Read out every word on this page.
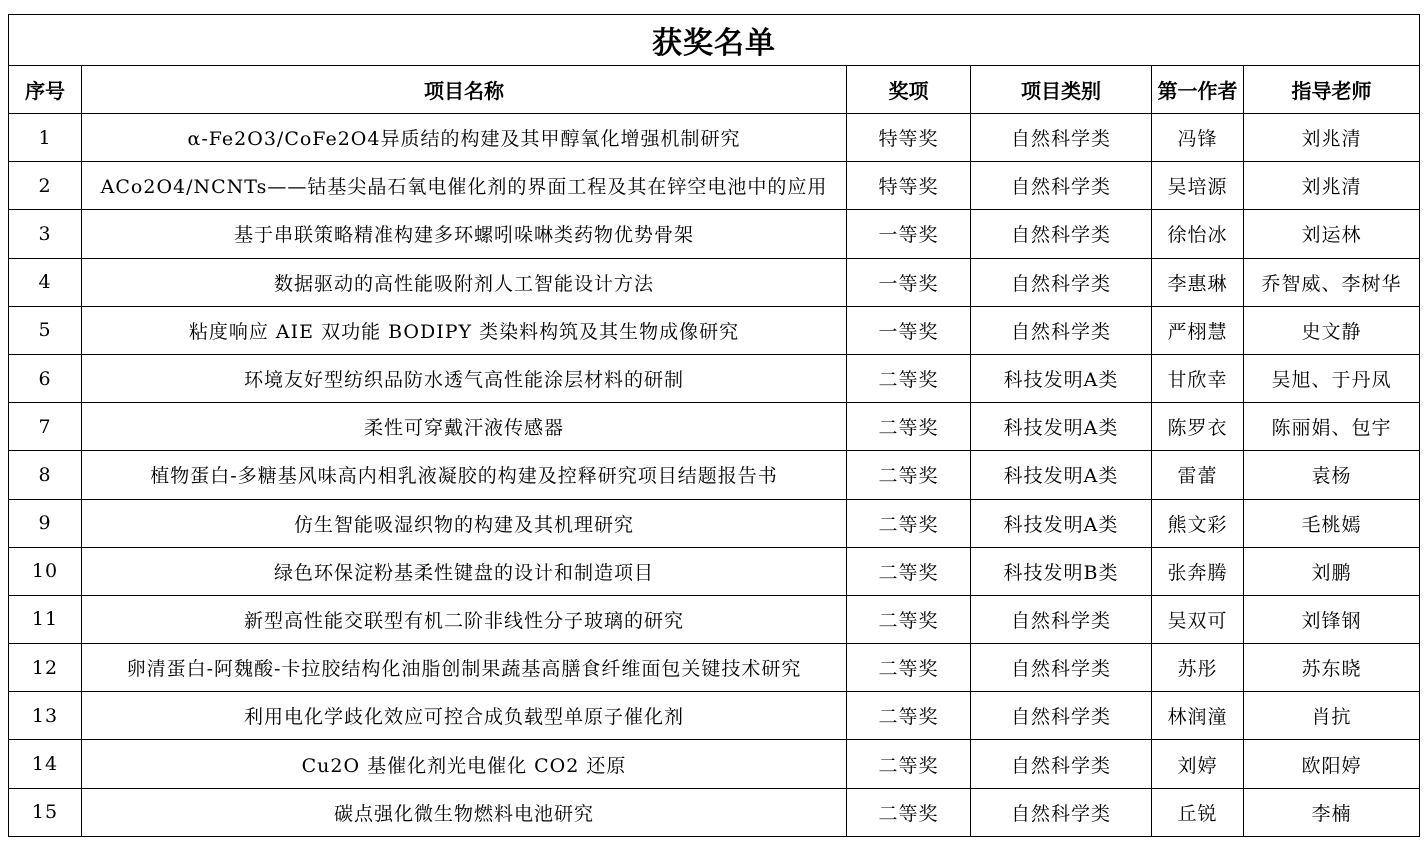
获奖名单					
序号	项目名称	奖项	项目类别	第一作者	指导老师
1	α-Fe2O3/CoFe2O4异质结的构建及其甲醇氧化增强机制研究	特等奖	自然科学类	冯锋	刘兆清
2	ACo2O4/NCNTs——钴基尖晶石氧电催化剂的界面工程及其在锌空电池中的应用	特等奖	自然科学类	吴培源	刘兆清
3	基于串联策略精准构建多环螺吲哚啉类药物优势骨架	一等奖	自然科学类	徐怡冰	刘运林
4	数据驱动的高性能吸附剂人工智能设计方法	一等奖	自然科学类	李惠琳	乔智威、李树华
5	粘度响应 AIE 双功能 BODIPY 类染料构筑及其生物成像研究	一等奖	自然科学类	严栩慧	史文静
6	环境友好型纺织品防水透气高性能涂层材料的研制	二等奖	科技发明A类	甘欣幸	吴旭、于丹凤
7	柔性可穿戴汗液传感器	二等奖	科技发明A类	陈罗衣	陈丽娟、包宇
8	植物蛋白-多糖基风味高内相乳液凝胶的构建及控释研究项目结题报告书	二等奖	科技发明A类	雷蕾	袁杨
9	仿生智能吸湿织物的构建及其机理研究	二等奖	科技发明A类	熊文彩	毛桃嫣
10	绿色环保淀粉基柔性键盘的设计和制造项目	二等奖	科技发明B类	张奔腾	刘鹏
11	新型高性能交联型有机二阶非线性分子玻璃的研究	二等奖	自然科学类	吴双可	刘锋钢
12	卵清蛋白-阿魏酸-卡拉胶结构化油脂创制果蔬基高膳食纤维面包关键技术研究	二等奖	自然科学类	苏彤	苏东晓
13	利用电化学歧化效应可控合成负载型单原子催化剂	二等奖	自然科学类	林润潼	肖抗
14	Cu2O 基催化剂光电催化 CO2 还原	二等奖	自然科学类	刘婷	欧阳婷
15	碳点强化微生物燃料电池研究	二等奖	自然科学类	丘锐	李楠
